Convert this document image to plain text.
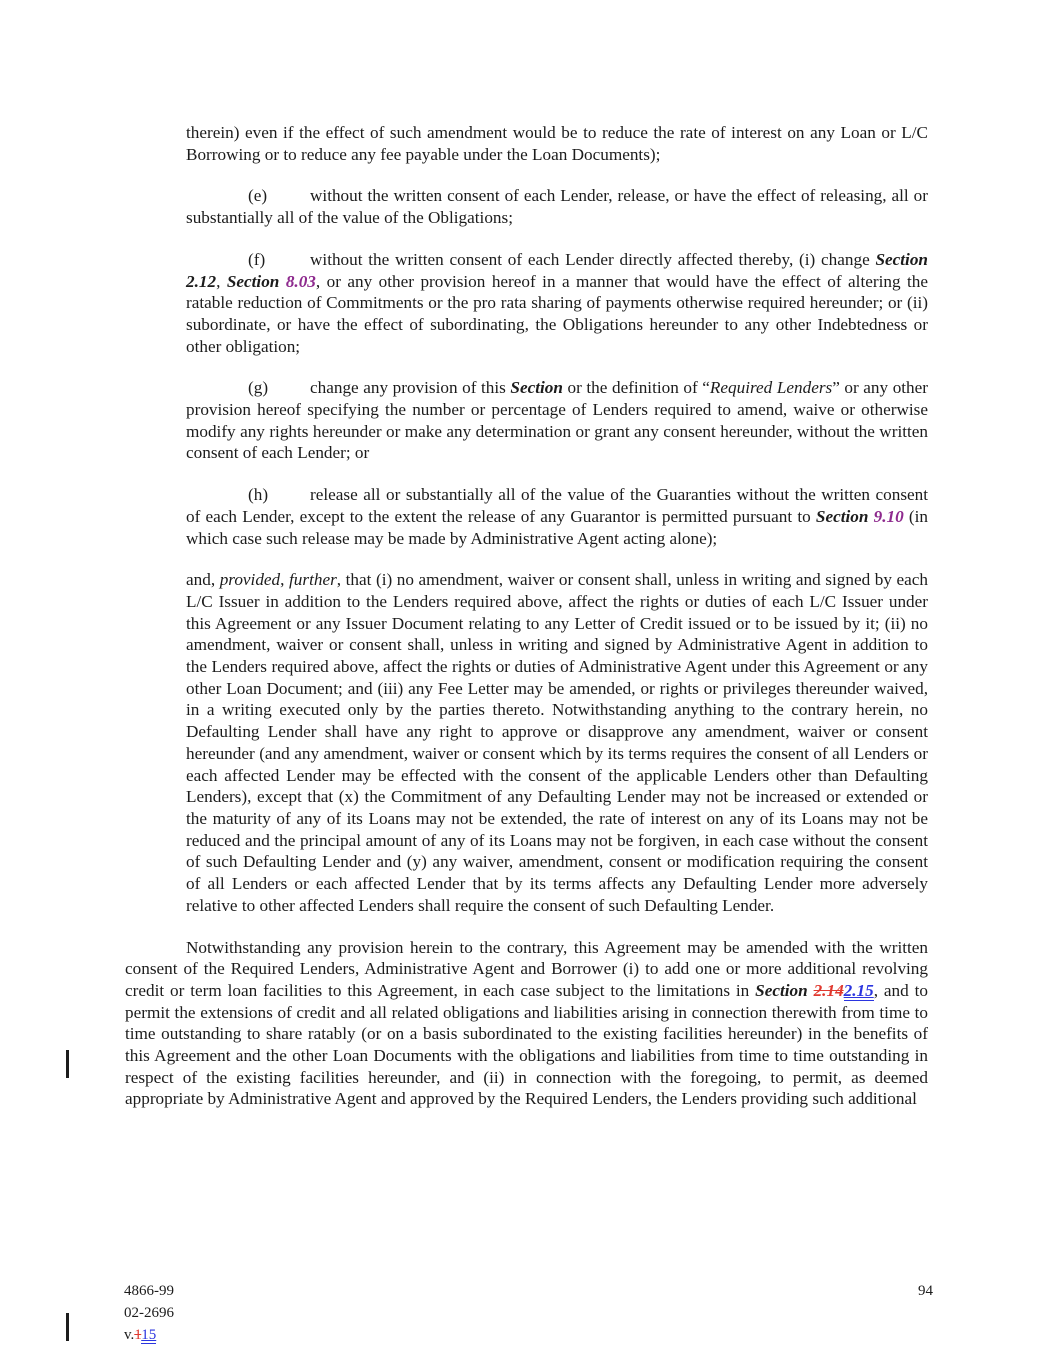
therein) even if the effect of such amendment would be to reduce the rate of interest on any Loan or L/C Borrowing or to reduce any fee payable under the Loan Documents);

(e) without the written consent of each Lender, release, or have the effect of releasing, all or substantially all of the value of the Obligations;

(f)	without the written consent of each Lender directly affected thereby, (i) change Section 2.12, Section 8.03, or any other provision hereof in a manner that would have the effect of altering the ratable reduction of Commitments or the pro rata sharing of payments otherwise required hereunder; or (ii) subordinate, or have the effect of subordinating, the Obligations hereunder to any other Indebtedness or other obligation;

(g) change any provision of this Section or the definition of “Required Lenders” or any other provision hereof specifying the number or percentage of Lenders required to amend, waive or otherwise modify any rights hereunder or make any determination or grant any consent hereunder, without the written consent of each Lender; or

(h) release all or substantially all of the value of the Guaranties without the written consent of each Lender, except to the extent the release of any Guarantor is permitted pursuant to Section 9.10 (in which case such release may be made by Administrative Agent acting alone);

and, provided, further, that (i) no amendment, waiver or consent shall, unless in writing and signed by each L/C Issuer in addition to the Lenders required above, affect the rights or duties of each L/C Issuer under this Agreement or any Issuer Document relating to any Letter of Credit issued or to be issued by it; (ii) no amendment, waiver or consent shall, unless in writing and signed by Administrative Agent in addition to the Lenders required above, affect the rights or duties of Administrative Agent under this Agreement or any other Loan Document; and (iii) any Fee Letter may be amended, or rights or privileges thereunder waived, in a writing executed only by the parties thereto. Notwithstanding anything to the contrary herein, no Defaulting Lender shall have any right to approve or disapprove any amendment, waiver or consent hereunder (and any amendment, waiver or consent which by its terms requires the consent of all Lenders or each affected Lender may be effected with the consent of the applicable Lenders other than Defaulting Lenders), except that (x) the Commitment of any Defaulting Lender may not be increased or extended or the maturity of any of its Loans may not be extended, the rate of interest on any of its Loans may not be reduced and the principal amount of any of its Loans may not be forgiven, in each case without the consent of such Defaulting Lender and (y) any waiver, amendment, consent or modification requiring the consent of all Lenders or each affected Lender that by its terms affects any Defaulting Lender more adversely relative to other affected Lenders shall require the consent of such Defaulting Lender.

Notwithstanding any provision herein to the contrary, this Agreement may be amended with the written consent of the Required Lenders, Administrative Agent and Borrower (i) to add one or more additional revolving credit or term loan facilities to this Agreement, in each case subject to the limitations in Section 2.142.15, and to permit the extensions of credit and all related obligations and liabilities arising in connection therewith from time to time outstanding to share ratably (or on a basis subordinated to the existing facilities hereunder) in the benefits of this Agreement and the other Loan Documents with the obligations and liabilities from time to time outstanding in respect of the existing facilities hereunder, and (ii) in connection with the foregoing, to permit, as deemed appropriate by Administrative Agent and approved by the Required Lenders, the Lenders providing such additional

4866-99
02-2696
v.115
94
